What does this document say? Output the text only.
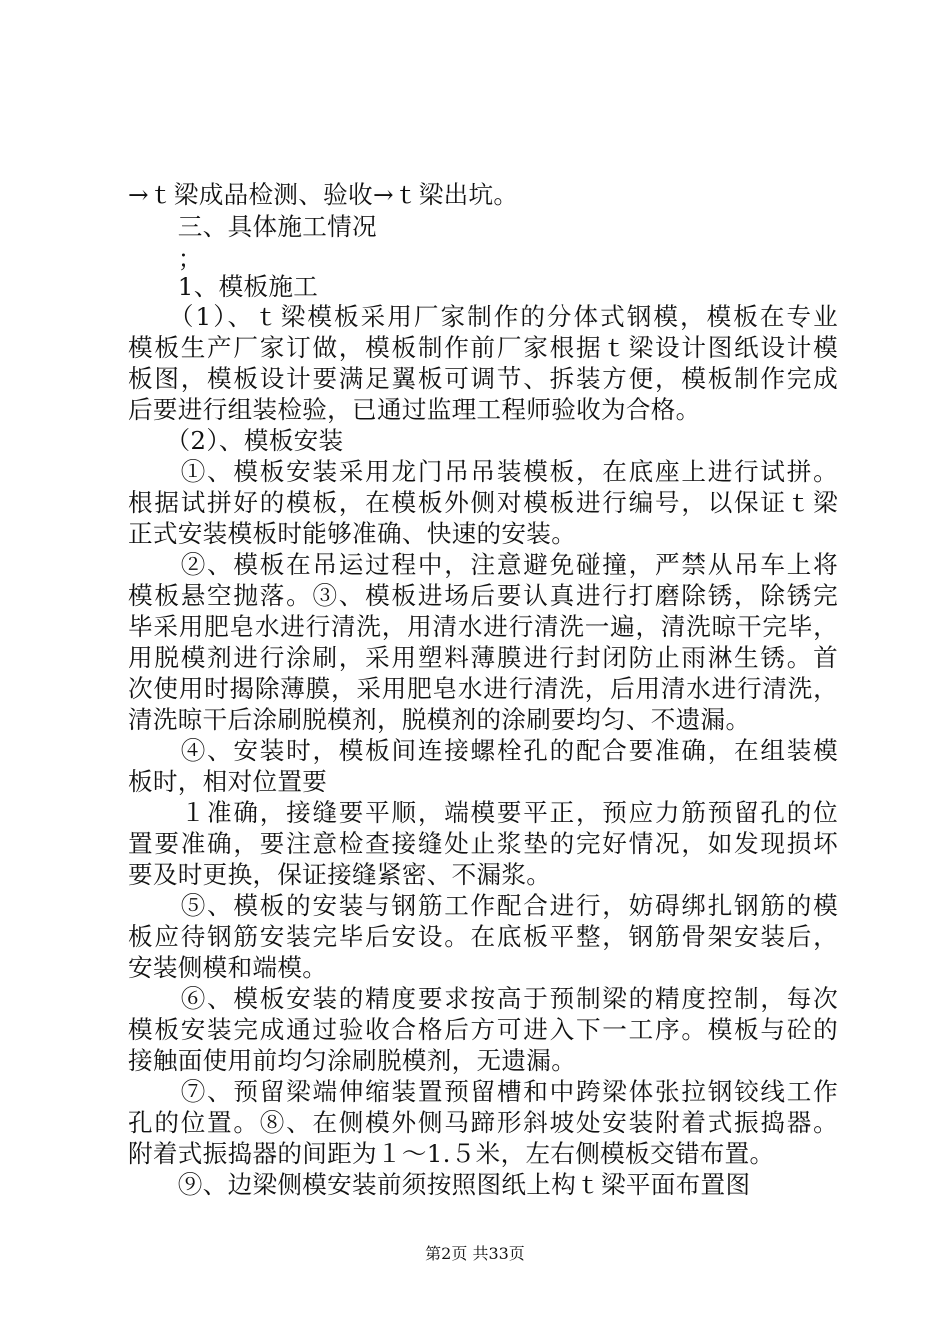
→ｔ梁成品检测、验收→ｔ梁出坑。
　　三、具体施工情况
　　；
　　1、模板施工
　　（1）、ｔ梁模板采用厂家制作的分体式钢模，模板在专业
模板生产厂家订做，模板制作前厂家根据ｔ梁设计图纸设计模
板图，模板设计要满足翼板可调节、拆装方便，模板制作完成
后要进行组装检验，已通过监理工程师验收为合格。
　　（2）、模板安装
　　①、模板安装采用龙门吊吊装模板，在底座上进行试拼。
根据试拼好的模板，在模板外侧对模板进行编号，以保证ｔ梁
正式安装模板时能够准确、快速的安装。
　　②、模板在吊运过程中，注意避免碰撞，严禁从吊车上将
模板悬空抛落。③、模板进场后要认真进行打磨除锈，除锈完
毕采用肥皂水进行清洗，用清水进行清洗一遍，清洗晾干完毕，
用脱模剂进行涂刷，采用塑料薄膜进行封闭防止雨淋生锈。首
次使用时揭除薄膜，采用肥皂水进行清洗，后用清水进行清洗，
清洗晾干后涂刷脱模剂，脱模剂的涂刷要均匀、不遗漏。
　　④、安装时，模板间连接螺栓孔的配合要准确，在组装模
板时，相对位置要
　　１准确，接缝要平顺，端模要平正，预应力筋预留孔的位
置要准确，要注意检查接缝处止浆垫的完好情况，如发现损坏
要及时更换，保证接缝紧密、不漏浆。
　　⑤、模板的安装与钢筋工作配合进行，妨碍绑扎钢筋的模
板应待钢筋安装完毕后安设。在底板平整，钢筋骨架安装后，
安装侧模和端模。
　　⑥、模板安装的精度要求按高于预制梁的精度控制，每次
模板安装完成通过验收合格后方可进入下一工序。模板与砼的
接触面使用前均匀涂刷脱模剂，无遗漏。
　　⑦、预留梁端伸缩装置预留槽和中跨梁体张拉钢铰线工作
孔的位置。⑧、在侧模外侧马蹄形斜坡处安装附着式振捣器。
附着式振捣器的间距为１～1.５米，左右侧模板交错布置。
　　⑨、边梁侧模安装前须按照图纸上构ｔ梁平面布置图
第2页 共33页
